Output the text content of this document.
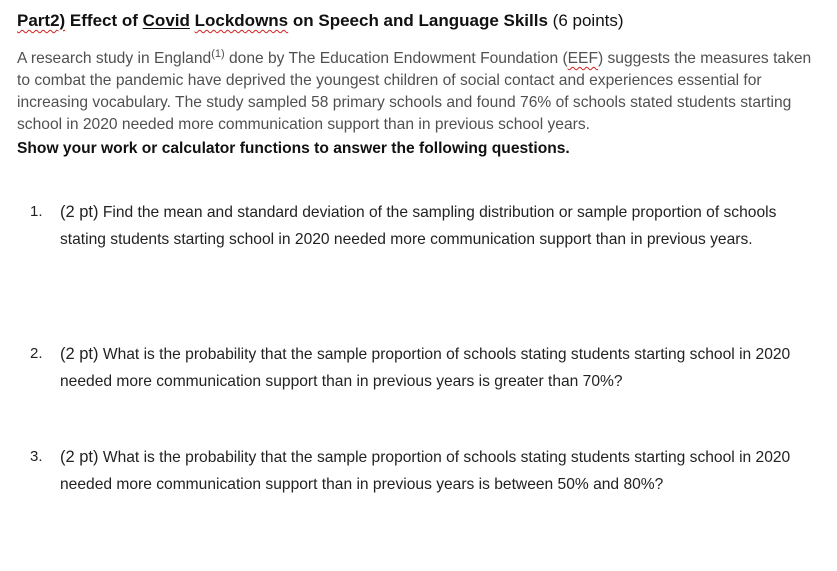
Part2) Effect of Covid Lockdowns on Speech and Language Skills (6 points)
A research study in England$^{(1)}$ done by The Education Endowment Foundation (EEF) suggests the measures taken to combat the pandemic have deprived the youngest children of social contact and experiences essential for increasing vocabulary. The study sampled 58 primary schools and found 76% of schools stated students starting school in 2020 needed more communication support than in previous school years.
Show your work or calculator functions to answer the following questions.
1. (2 pt) Find the mean and standard deviation of the sampling distribution or sample proportion of schools stating students starting school in 2020 needed more communication support than in previous years.
2. (2 pt) What is the probability that the sample proportion of schools stating students starting school in 2020 needed more communication support than in previous years is greater than 70%?
3. (2 pt) What is the probability that the sample proportion of schools stating students starting school in 2020 needed more communication support than in previous years is between 50% and 80%?
